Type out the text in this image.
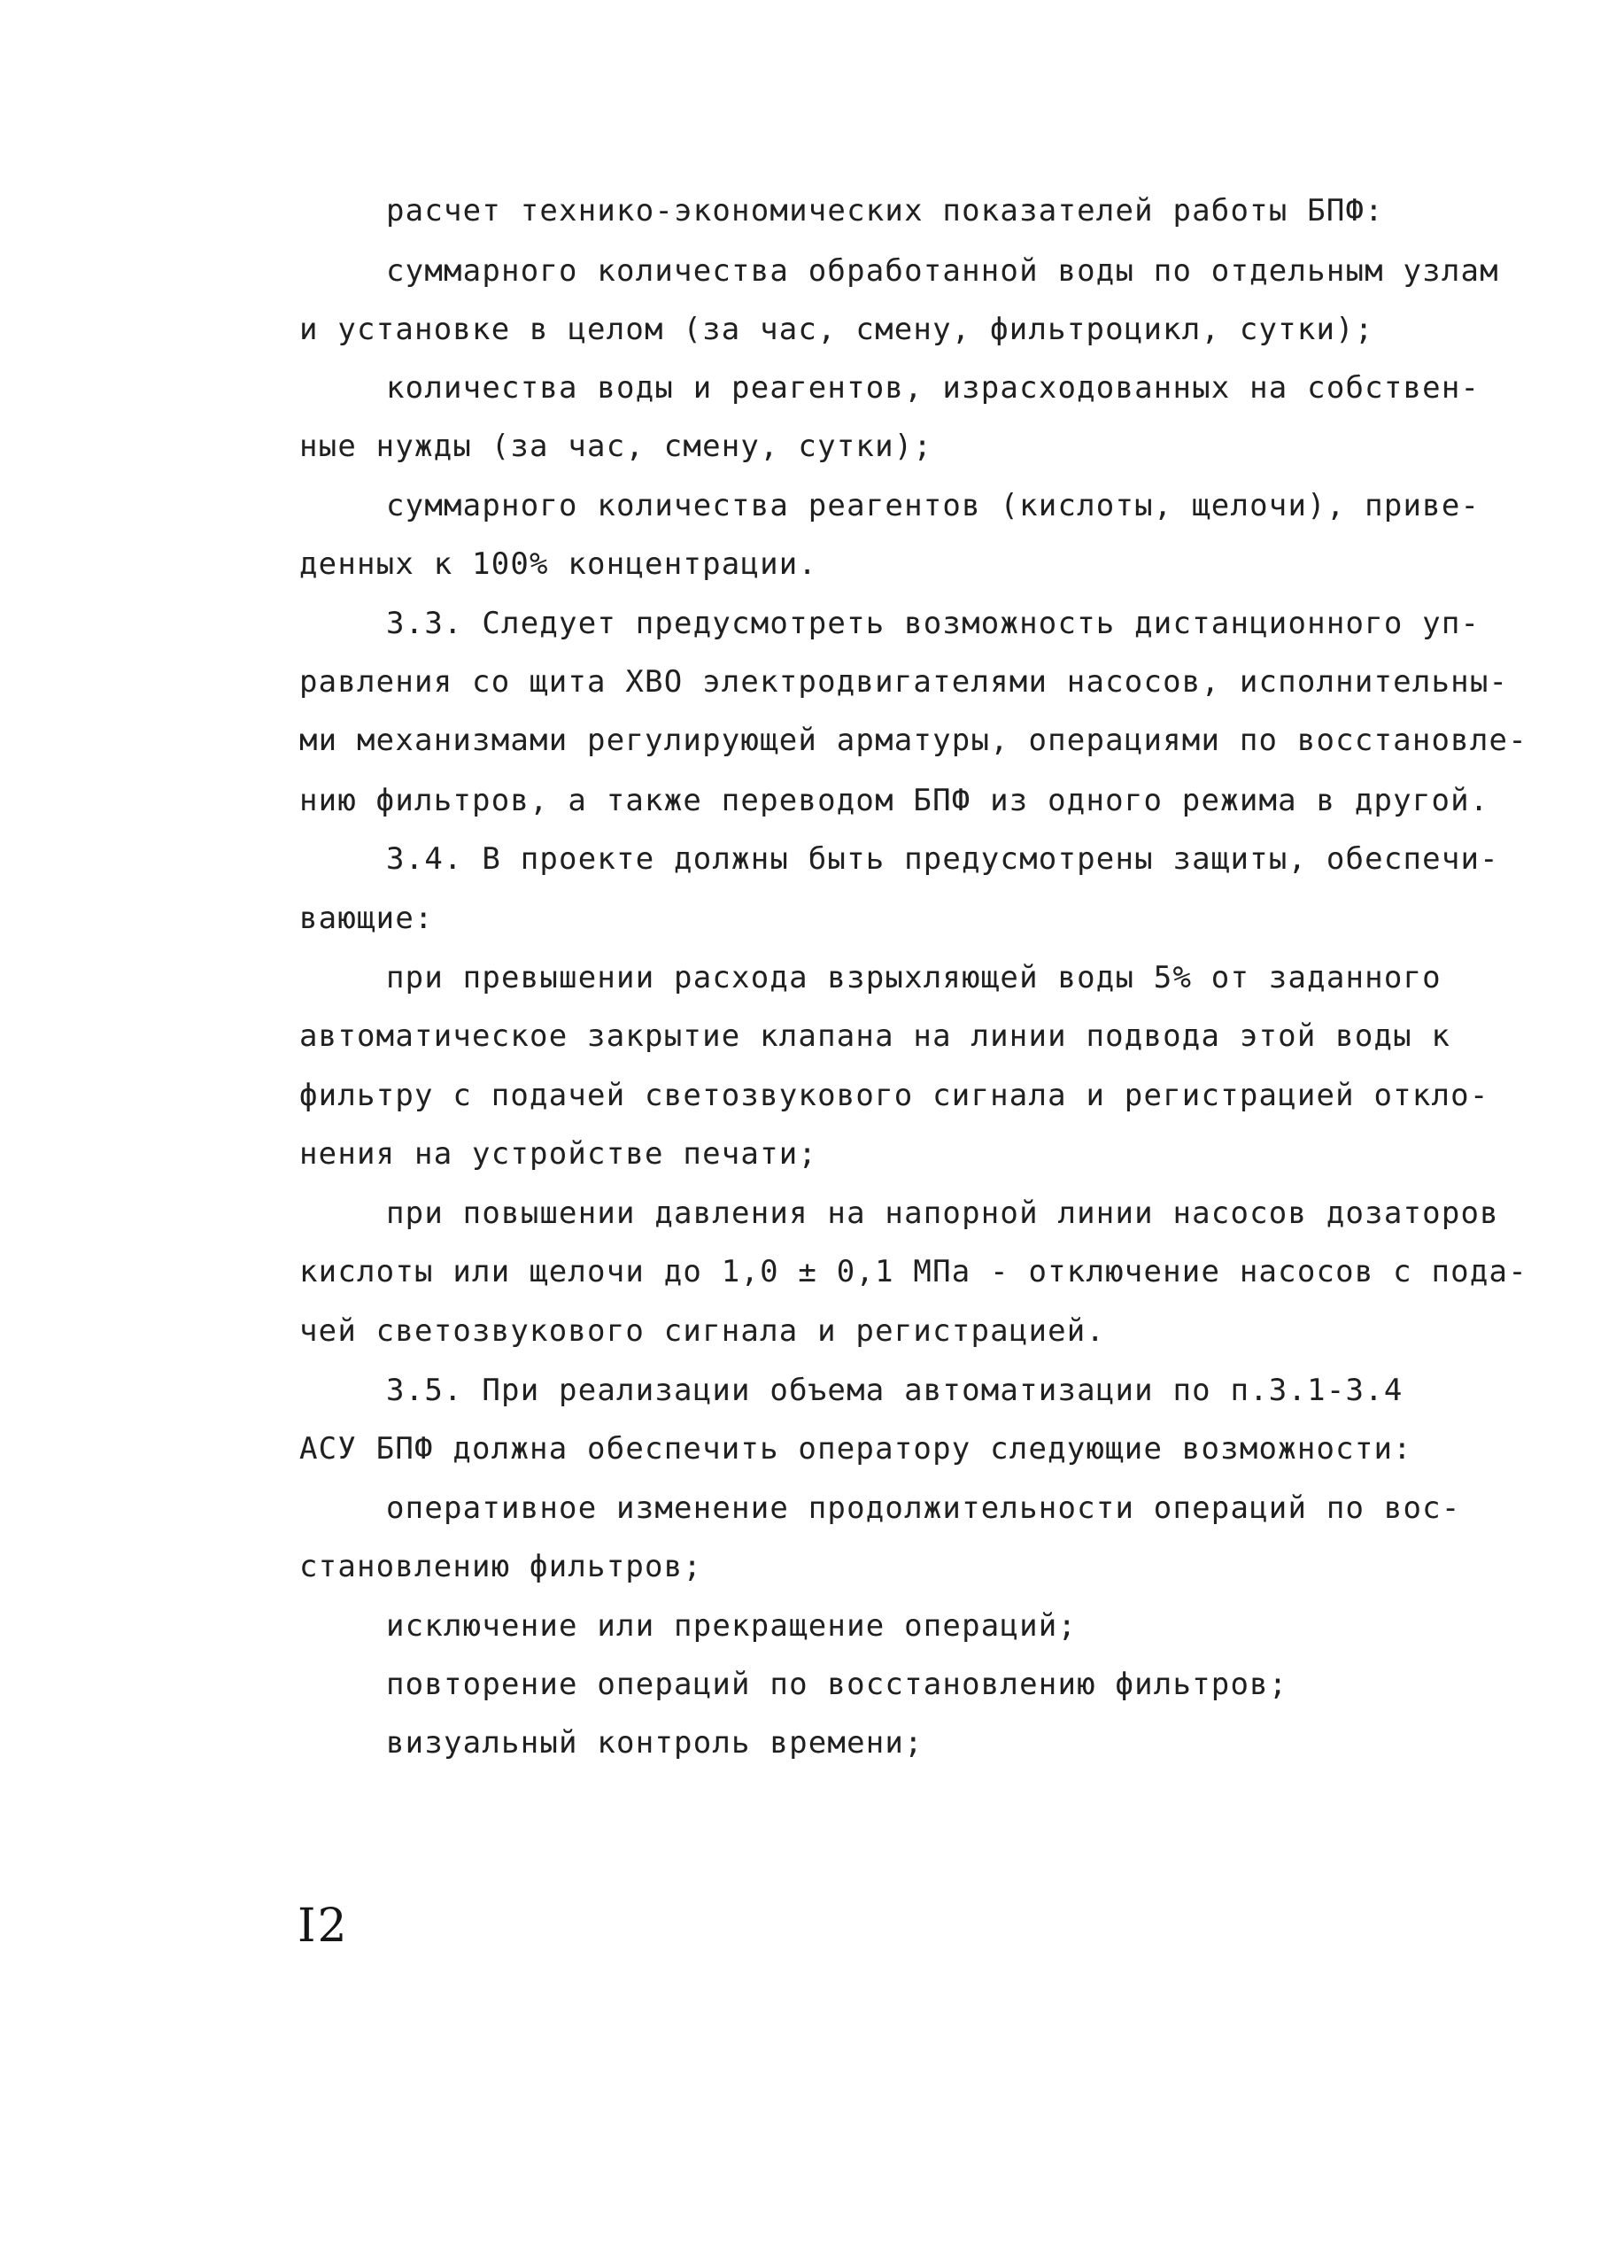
расчет технико-экономических показателей работы БПФ:
суммарного количества обработанной воды по отдельным узлам
и установке в целом (за час, смену, фильтроцикл, сутки);
количества воды и реагентов, израсходованных на собствен-
ные нужды (за час, смену, сутки);
суммарного количества реагентов (кислоты, щелочи), приве-
денных к 100% концентрации.
3.3. Следует предусмотреть возможность дистанционного уп-
равления со щита ХВО электродвигателями насосов, исполнительны-
ми механизмами регулирующей арматуры, операциями по восстановле-
нию фильтров, а также переводом БПФ из одного режима в другой.
3.4. В проекте должны быть предусмотрены защиты, обеспечи-
вающие:
при превышении расхода взрыхляющей воды 5% от заданного
автоматическое закрытие клапана на линии подвода этой воды к
фильтру с подачей светозвукового сигнала и регистрацией откло-
нения на устройстве печати;
при повышении давления на напорной линии насосов дозаторов
кислоты или щелочи до 1,0 ± 0,1 МПа - отключение насосов с пода-
чей светозвукового сигнала и регистрацией.
3.5. При реализации объема автоматизации по п.3.1-3.4
АСУ БПФ должна обеспечить оператору следующие возможности:
оперативное изменение продолжительности операций по вос-
становлению фильтров;
исключение или прекращение операций;
повторение операций по восстановлению фильтров;
визуальный контроль времени;
I2
